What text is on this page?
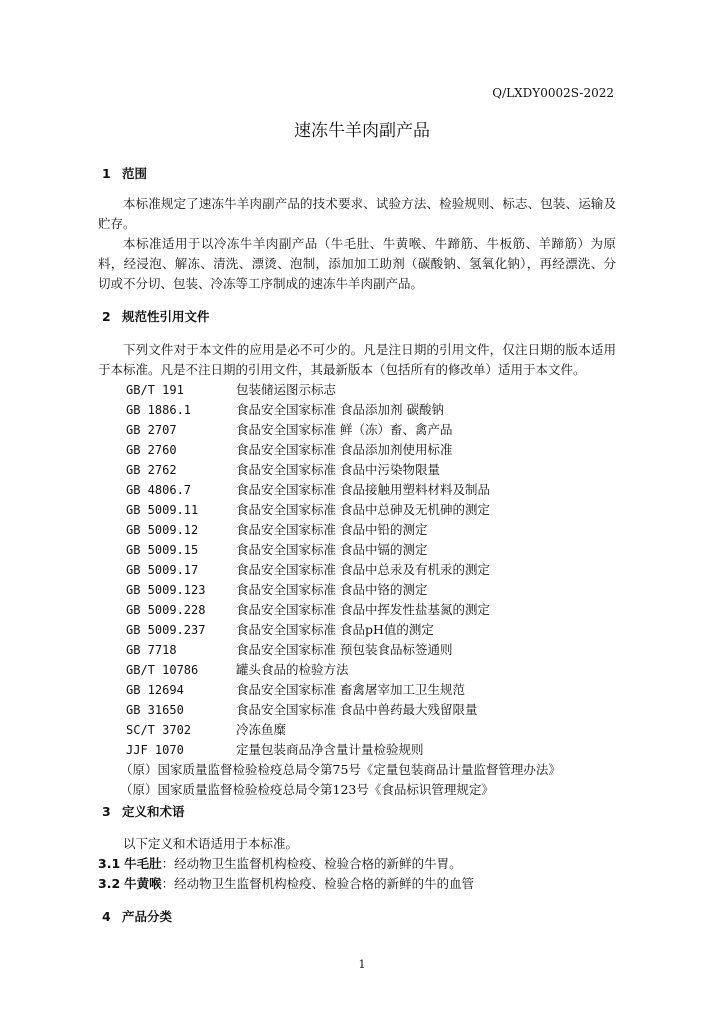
Q/LXDY0002S-2022
速冻牛羊肉副产品
1 范围

本标准规定了速冻牛羊肉副产品的技术要求、试验方法、检验规则、标志、包装、运输及贮存。

本标准适用于以冷冻牛羊肉副产品（牛毛肚、牛黄喉、牛蹄筋、牛板筋、羊蹄筋）为原料，经浸泡、解冻、清洗、漂烫、泡制，添加加工助剂（碳酸钠、氢氧化钠），再经漂洗、分切或不分切、包装、冷冻等工序制成的速冻牛羊肉副产品。

2 规范性引用文件

下列文件对于本文件的应用是必不可少的。凡是注日期的引用文件，仅注日期的版本适用于本标准。凡是不注日期的引用文件，其最新版本（包括所有的修改单）适用于本文件。

GB/T 191	包装储运图示标志
GB 1886.1	食品安全国家标准 食品添加剂 碳酸钠
GB 2707	食品安全国家标准 鲜（冻）畜、禽产品
GB 2760	食品安全国家标准 食品添加剂使用标准
GB 2762	食品安全国家标准 食品中污染物限量
GB 4806.7	食品安全国家标准 食品接触用塑料材料及制品
GB 5009.11	食品安全国家标准 食品中总砷及无机砷的测定
GB 5009.12	食品安全国家标准 食品中铅的测定
GB 5009.15	食品安全国家标准 食品中镉的测定
GB 5009.17	食品安全国家标准 食品中总汞及有机汞的测定
GB 5009.123 食品安全国家标准 食品中铬的测定
GB 5009.228 食品安全国家标准 食品中挥发性盐基氮的测定
GB 5009.237 食品安全国家标准 食品pH值的测定
GB 7718	食品安全国家标准 预包装食品标签通则
GB/T 10786	罐头食品的检验方法
GB 12694	食品安全国家标准 畜禽屠宰加工卫生规范
GB 31650	食品安全国家标准 食品中兽药最大残留限量
SC/T 3702	冷冻鱼糜
JJF 1070	定量包装商品净含量计量检验规则
（原）国家质量监督检验检疫总局令第75号《定量包装商品计量监督管理办法》
（原）国家质量监督检验检疫总局令第123号《食品标识管理规定》
3 定义和术语

以下定义和术语适用于本标准。

3.1 牛毛肚：经动物卫生监督机构检疫、检验合格的新鲜的牛胃。
3.2 牛黄喉：经动物卫生监督机构检疫、检验合格的新鲜的牛的血管
4 产品分类
1
